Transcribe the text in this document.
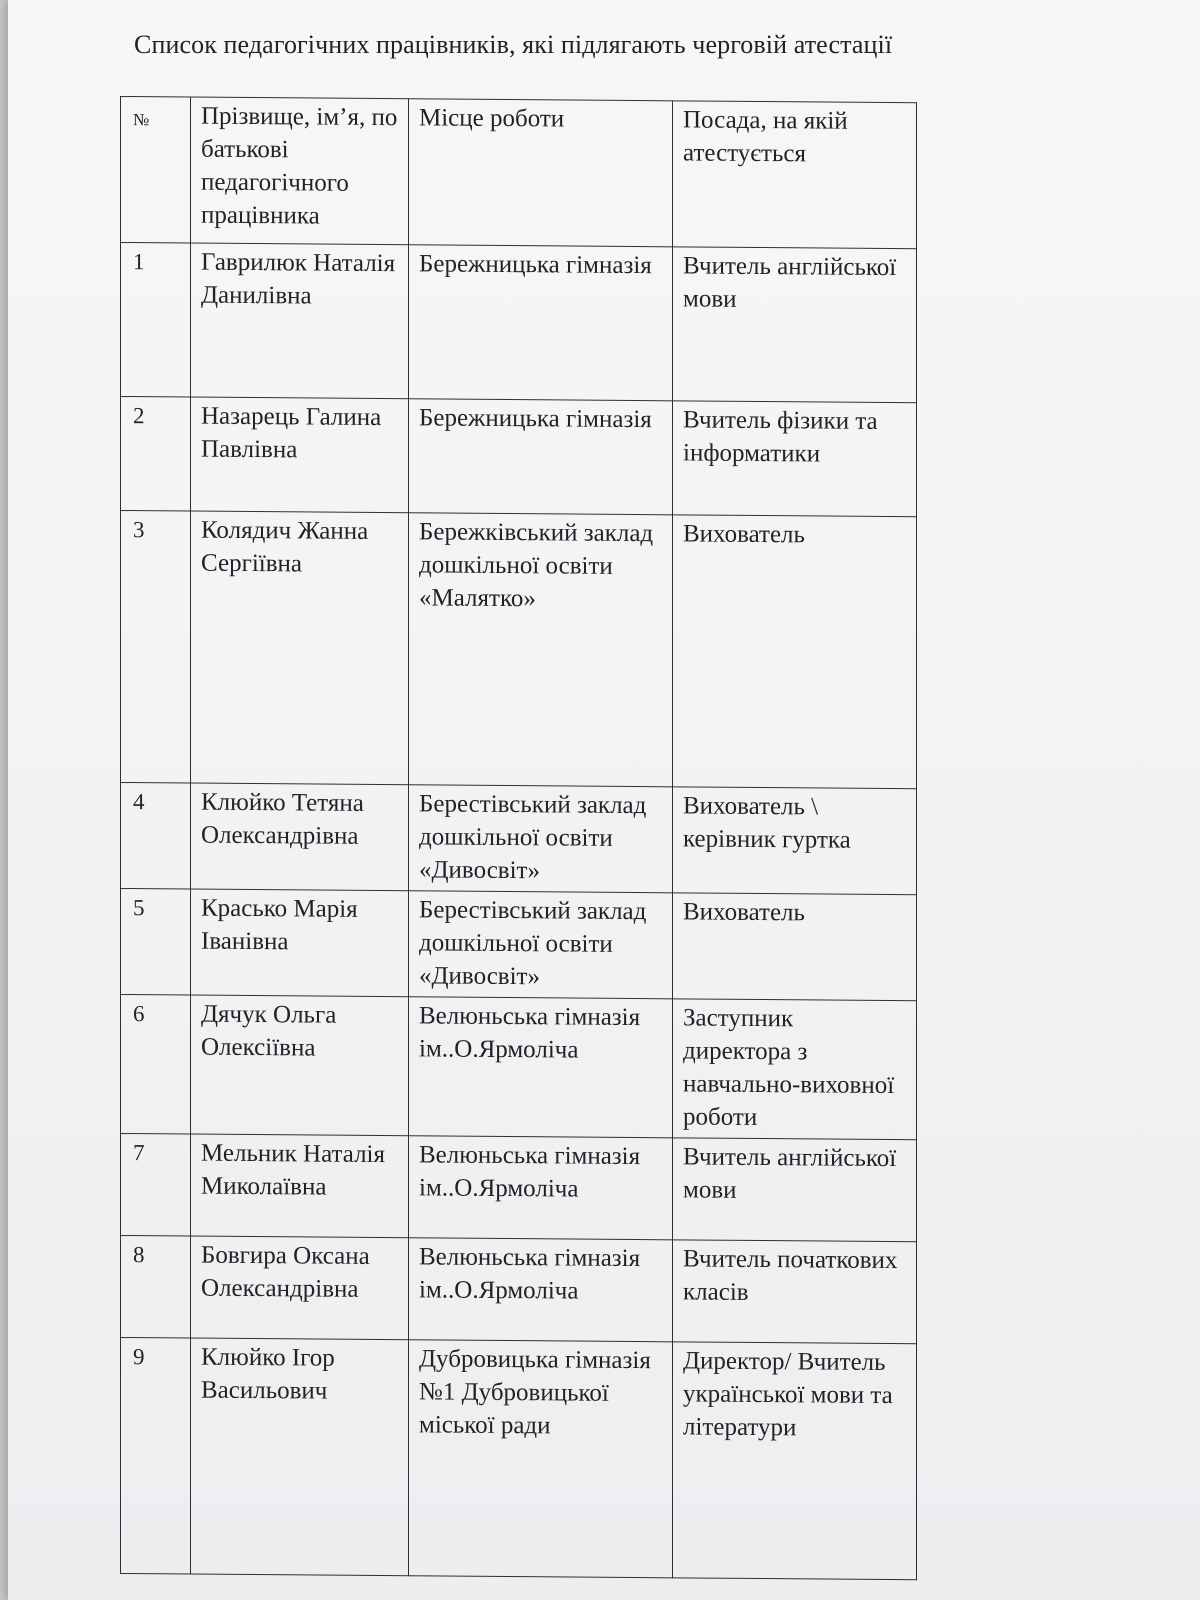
Список педагогічних працівників, які підлягають черговій атестації
№	Прізвище, ім’я, по батькові педагогічного працівника	Місце роботи	Посада, на якій атестується
1	Гаврилюк Наталія Данилівна	Бережницька гімназія	Вчитель англійської мови
2	Назарець Галина Павлівна	Бережницька гімназія	Вчитель фізики та інформатики
3	Колядич Жанна Сергіївна	Бережківський заклад дошкільної освіти «Малятко»	Вихователь
4	Клюйко Тетяна Олександрівна	Берестівський заклад дошкільної освіти «Дивосвіт»	Вихователь \ керівник гуртка
5	Красько Марія Іванівна	Берестівський заклад дошкільної освіти «Дивосвіт»	Вихователь
6	Дячук Ольга Олексіївна	Велюньська гімназія ім..О.Ярмоліча	Заступник директора з навчально-виховної роботи
7	Мельник Наталія Миколаївна	Велюньська гімназія ім..О.Ярмоліча	Вчитель англійської мови
8	Бовгира Оксана Олександрівна	Велюньська гімназія ім..О.Ярмоліча	Вчитель початкових класів
9	Клюйко Ігор Васильович	Дубровицька гімназія №1 Дубровицької міської ради	Директор/ Вчитель української мови та літератури
